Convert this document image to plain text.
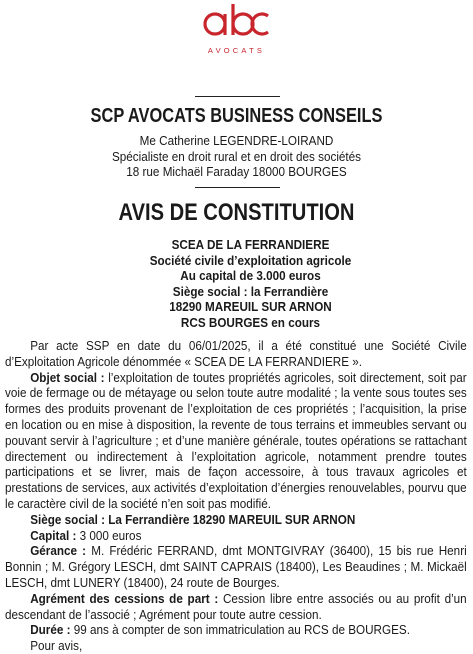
AVOCATS
SCP AVOCATS BUSINESS CONSEILS
Me Catherine LEGENDRE-LOIRAND
Spécialiste en droit rural et en droit des sociétés
18 rue Michaël Faraday 18000 BOURGES
AVIS DE CONSTITUTION
SCEA DE LA FERRANDIERE
Société civile d’exploitation agricole
Au capital de 3.000 euros
Siège social : la Ferrandière
18290 MAREUIL SUR ARNON
RCS BOURGES en cours

Par acte SSP en date du 06/01/2025, il a été constitué une Société Civile d’Exploitation Agricole dénommée « SCEA DE LA FERRANDIERE ».

Objet social : l’exploitation de toutes propriétés agricoles, soit directement, soit par voie de fermage ou de métayage ou selon toute autre modalité ; la vente sous toutes ses formes des produits provenant de l’exploitation de ces propriétés ; l’acquisition, la prise en location ou en mise à disposition, la revente de tous terrains et immeubles servant ou pouvant servir à l’agriculture ; et d’une manière générale, toutes opérations se rattachant directement ou indirectement à l’exploitation agricole, notamment prendre toutes participations et se livrer, mais de façon accessoire, à tous travaux agricoles et prestations de services, aux activités d’exploitation d’énergies renouvelables, pourvu que le caractère civil de la société n’en soit pas modifié.

Siège social : La Ferrandière 18290 MAREUIL SUR ARNON

Capital : 3 000 euros

Gérance : M. Frédéric FERRAND, dmt MONTGIVRAY (36400), 15 bis rue Henri Bonnin ; M. Grégory LESCH, dmt SAINT CAPRAIS (18400), Les Beaudines ; M. Mickaël LESCH, dmt LUNERY (18400), 24 route de Bourges.

Agrément des cessions de part : Cession libre entre associés ou au profit d’un descendant de l’associé ; Agrément pour toute autre cession.

Durée : 99 ans à compter de son immatriculation au RCS de BOURGES.

Pour avis,
